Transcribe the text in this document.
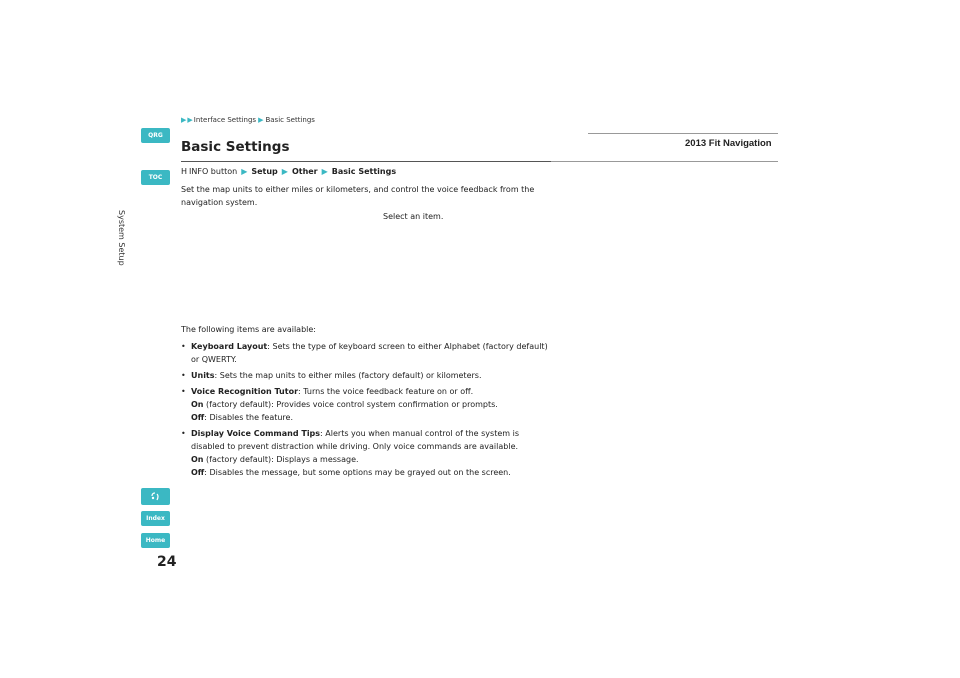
QRG
TOC
Index
Home
System Setup
▶ ▶ Interface Settings ▶ Basic Settings
2013 Fit Navigation
Basic Settings
H INFO button ▶ Setup ▶ Other ▶ Basic Settings
Set the map units to either miles or kilometers, and control the voice feedback from the navigation system.
Select an item.
The following items are available:
• Keyboard Layout: Sets the type of keyboard screen to either Alphabet (factory default) or QWERTY.
• Units: Sets the map units to either miles (factory default) or kilometers.
• Voice Recognition Tutor: Turns the voice feedback feature on or off.
On (factory default): Provides voice control system confirmation or prompts.
Off: Disables the feature.
• Display Voice Command Tips: Alerts you when manual control of the system is disabled to prevent distraction while driving. Only voice commands are available.
On (factory default): Displays a message.
Off: Disables the message, but some options may be grayed out on the screen.
24
